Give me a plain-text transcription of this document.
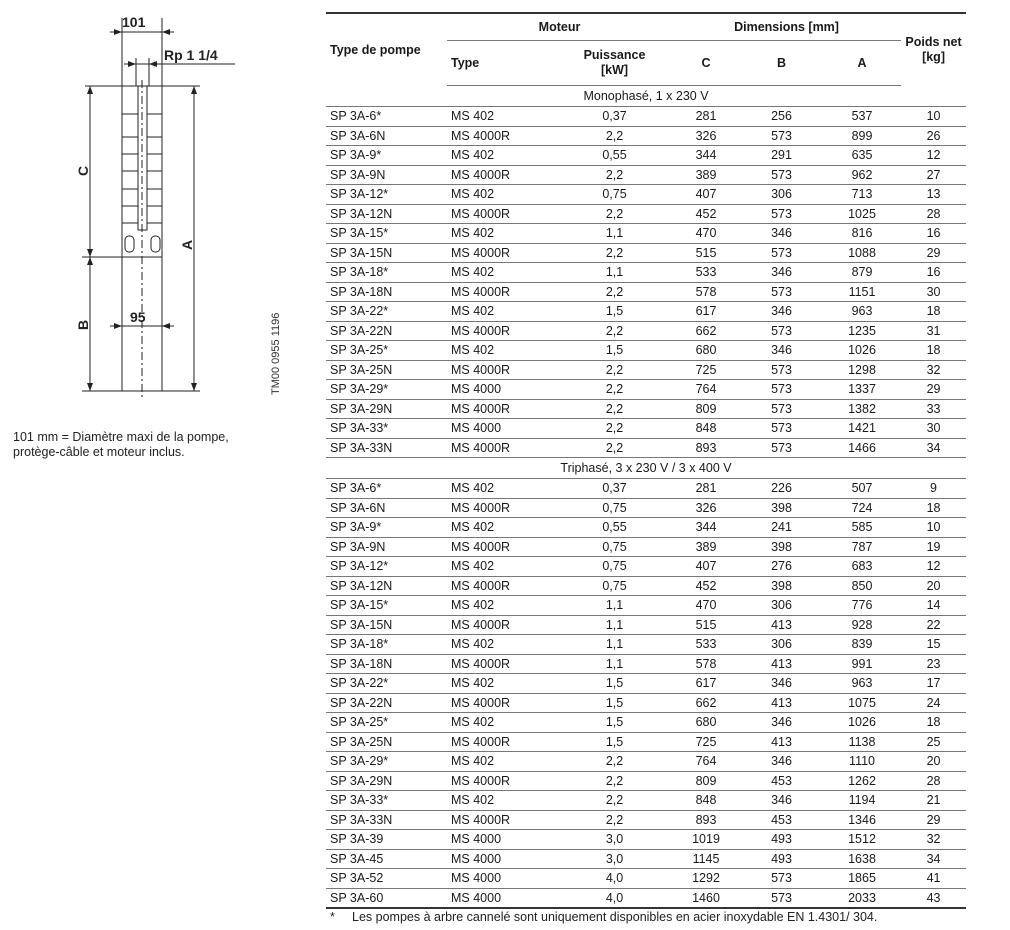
101
Rp 1 1/4
C
B
A
95	TM00 0955 1196
101 mm = Diamètre maxi de la pompe,
protège-câble et moteur inclus.
Type de pompe	Moteur		Dimensions [mm]			Poids net
[kg]

	Type	Puissance
[kW]	C	B	A	
Monophasé, 1 x 230 V						
SP 3A-6*	MS 402	0,37	281	256	537	10
SP 3A-6N	MS 4000R	2,2	326	573	899	26
SP 3A-9*	MS 402	0,55	344	291	635	12
SP 3A-9N	MS 4000R	2,2	389	573	962	27
SP 3A-12*	MS 402	0,75	407	306	713	13
SP 3A-12N	MS 4000R	2,2	452	573	1025	28
SP 3A-15*	MS 402	1,1	470	346	816	16
SP 3A-15N	MS 4000R	2,2	515	573	1088	29
SP 3A-18*	MS 402	1,1	533	346	879	16
SP 3A-18N	MS 4000R	2,2	578	573	1151	30
SP 3A-22*	MS 402	1,5	617	346	963	18
SP 3A-22N	MS 4000R	2,2	662	573	1235	31
SP 3A-25*	MS 402	1,5	680	346	1026	18
SP 3A-25N	MS 4000R	2,2	725	573	1298	32
SP 3A-29*	MS 4000	2,2	764	573	1337	29
SP 3A-29N	MS 4000R	2,2	809	573	1382	33
SP 3A-33*	MS 4000	2,2	848	573	1421	30
SP 3A-33N	MS 4000R	2,2	893	573	1466	34
Triphasé, 3 x 230 V / 3 x 400 V						
SP 3A-6*	MS 402	0,37	281	226	507	9
SP 3A-6N	MS 4000R	0,75	326	398	724	18
SP 3A-9*	MS 402	0,55	344	241	585	10
SP 3A-9N	MS 4000R	0,75	389	398	787	19
SP 3A-12*	MS 402	0,75	407	276	683	12
SP 3A-12N	MS 4000R	0,75	452	398	850	20
SP 3A-15*	MS 402	1,1	470	306	776	14
SP 3A-15N	MS 4000R	1,1	515	413	928	22
SP 3A-18*	MS 402	1,1	533	306	839	15
SP 3A-18N	MS 4000R	1,1	578	413	991	23
SP 3A-22*	MS 402	1,5	617	346	963	17
SP 3A-22N	MS 4000R	1,5	662	413	1075	24
SP 3A-25*	MS 402	1,5	680	346	1026	18
SP 3A-25N	MS 4000R	1,5	725	413	1138	25
SP 3A-29*	MS 402	2,2	764	346	1110	20
SP 3A-29N	MS 4000R	2,2	809	453	1262	28
SP 3A-33*	MS 402	2,2	848	346	1194	21
SP 3A-33N	MS 4000R	2,2	893	453	1346	29
SP 3A-39	MS 4000	3,0	1019	493	1512	32
SP 3A-45	MS 4000	3,0	1145	493	1638	34
SP 3A-52	MS 4000	4,0	1292	573	1865	41
SP 3A-60	MS 4000	4,0	1460	573	2033	43
* Les pompes à arbre cannelé sont uniquement disponibles en acier inoxydable EN 1.4301/ 304.
